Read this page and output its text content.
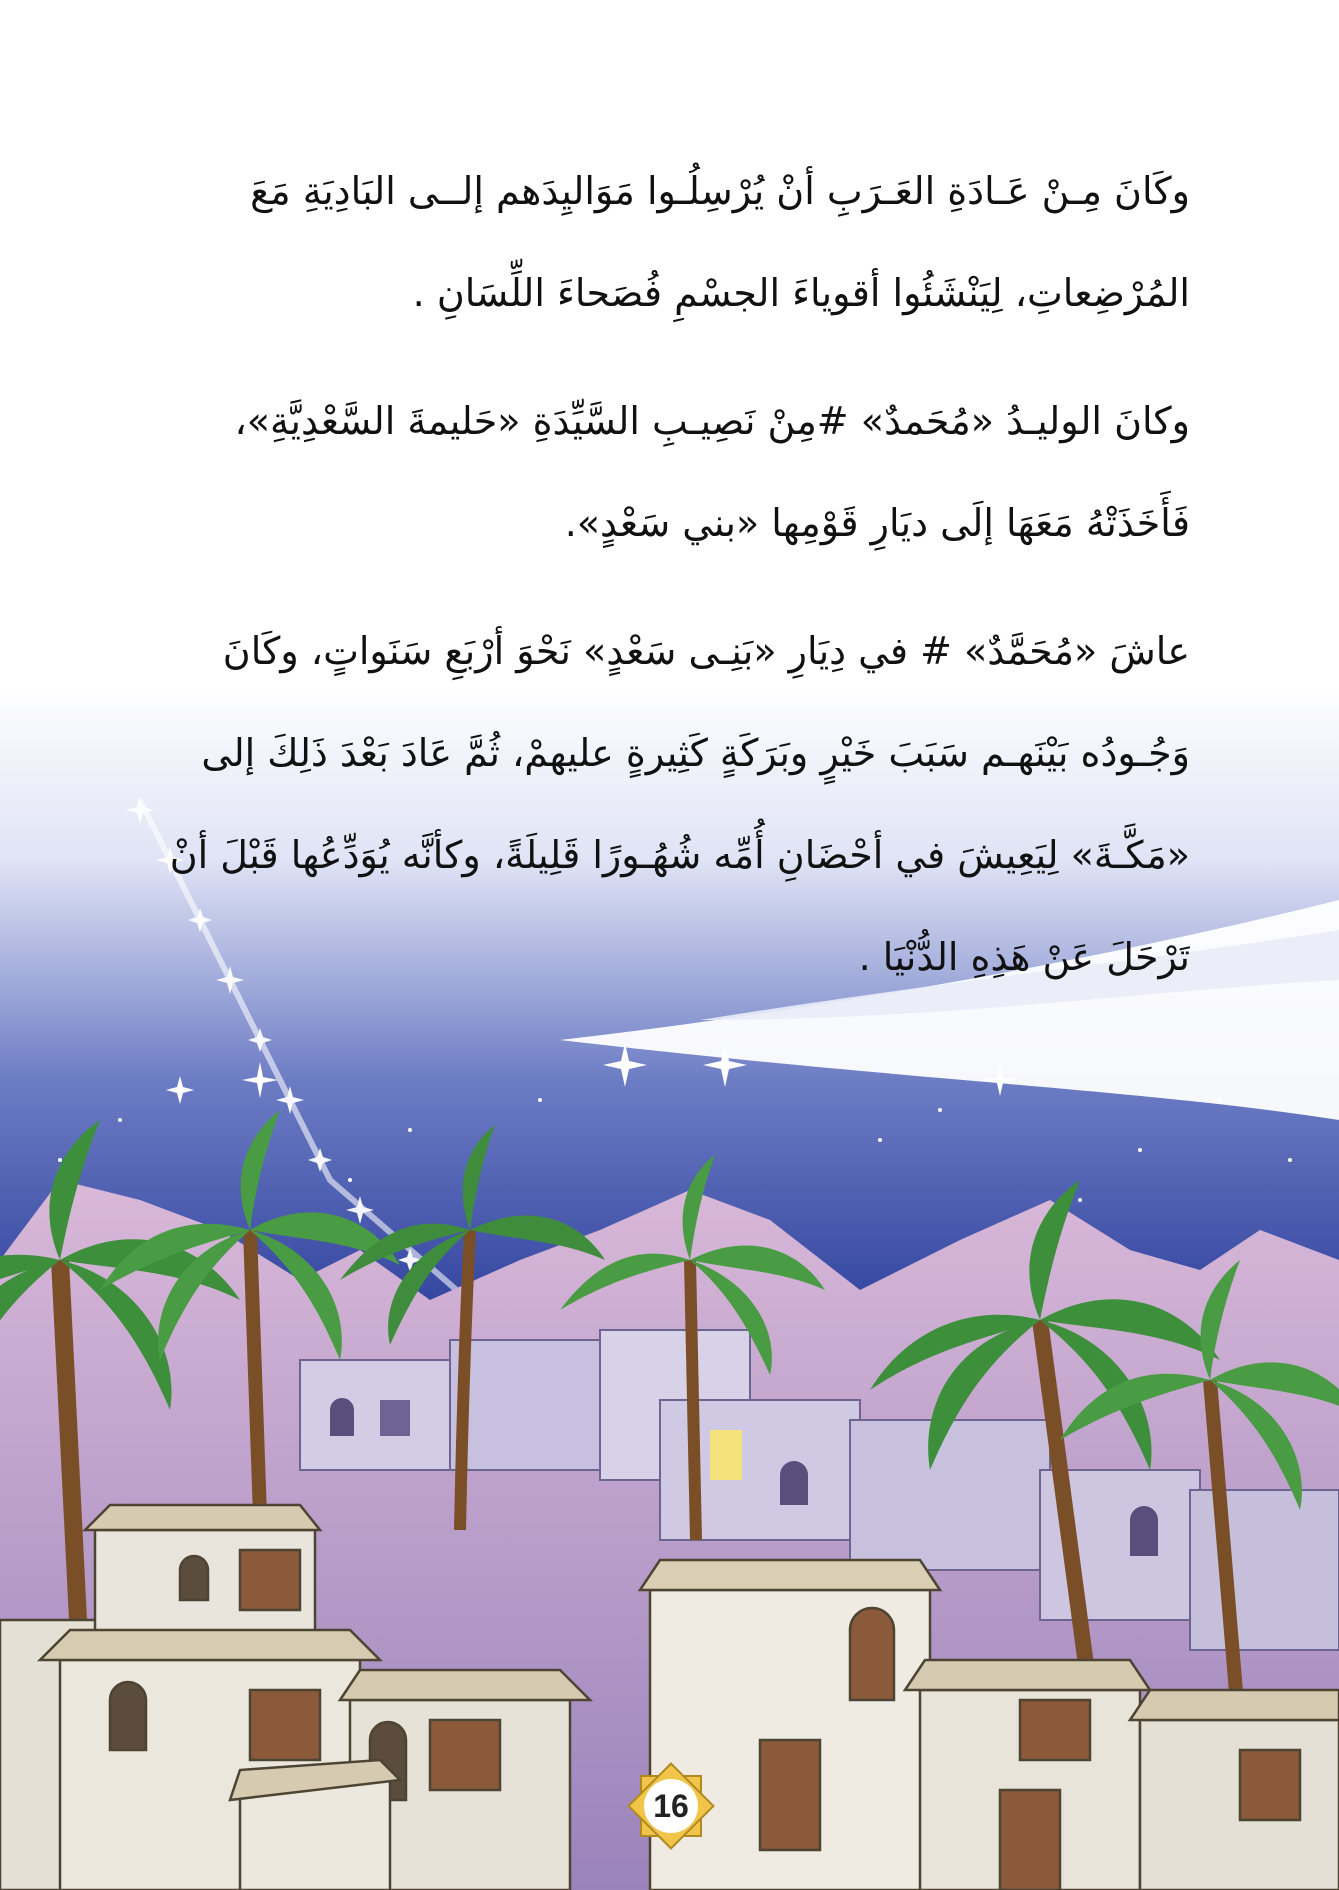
وكَانَ مِـنْ عَـادَةِ العَـرَبِ أنْ يُرْسِلُـوا مَوَاليِدَهم إلــى البَادِيَةِ مَعَ
المُرْضِعاتِ، لِيَنْشَئُوا أقوياءَ الجسْمِ فُصَحاءَ اللِّسَانِ .
وكانَ الوليـدُ «مُحَمدٌ» #مِنْ نَصِيـبِ السَّيِّدَةِ «حَليمةَ السَّعْدِيَّةِ»،
فَأَخَذَتْهُ مَعَهَا إلَى ديَارِ قَوْمِها «بني سَعْدٍ».
عاشَ «مُحَمَّدٌ» # في دِيَارِ «بَنِـى سَعْدٍ» نَحْوَ أرْبَعِ سَنَواتٍ، وكَانَ
وَجُـودُه بَيْنَهـم سَبَبَ خَيْرٍ وبَرَكَةٍ كَثِيرةٍ عليهمْ، ثُمَّ عَادَ بَعْدَ ذَلِكَ إلى
«مَكَّـةَ» لِيَعِيشَ في أحْضَانِ أُمِّه شُهُـورًا قَلِيلَةً، وكأنَّه يُوَدِّعُها قَبْلَ أنْ
تَرْحَلَ عَنْ هَذِهِ الدُّنْيَا .
16
